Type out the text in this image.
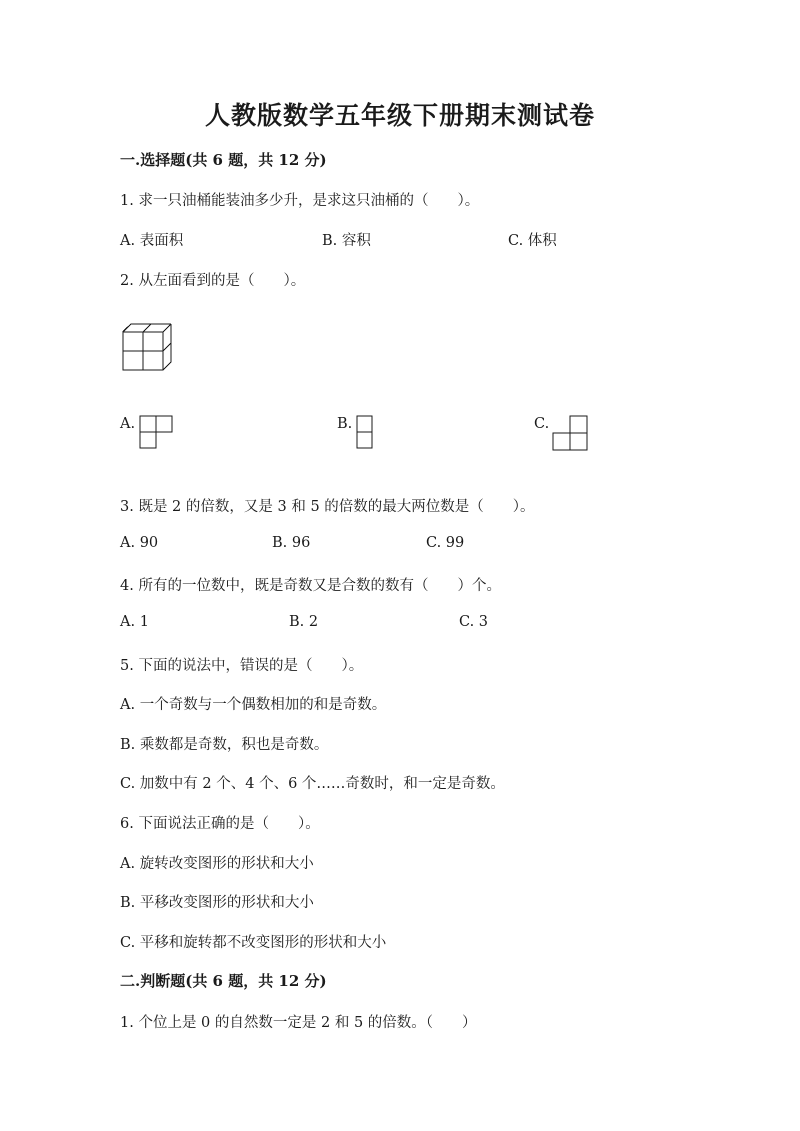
人教版数学五年级下册期末测试卷
一.选择题(共 6 题，共 12 分)
1. 求一只油桶能装油多少升，是求这只油桶的（　　）。
A. 表面积	B. 容积	C. 体积
2. 从左面看到的是（　　）。
A.	B.	C.
3. 既是 2 的倍数，又是 3 和 5 的倍数的最大两位数是（　　）。
A. 90	B. 96	C. 99
4. 所有的一位数中，既是奇数又是合数的数有（　　）个。
A. 1	B. 2	C. 3
5. 下面的说法中，错误的是（　　）。
A. 一个奇数与一个偶数相加的和是奇数。
B. 乘数都是奇数，积也是奇数。
C. 加数中有 2 个、4 个、6 个……奇数时，和一定是奇数。
6. 下面说法正确的是（　　）。
A. 旋转改变图形的形状和大小
B. 平移改变图形的形状和大小
C. 平移和旋转都不改变图形的形状和大小
二.判断题(共 6 题，共 12 分)
1. 个位上是 0 的自然数一定是 2 和 5 的倍数。（　　）
